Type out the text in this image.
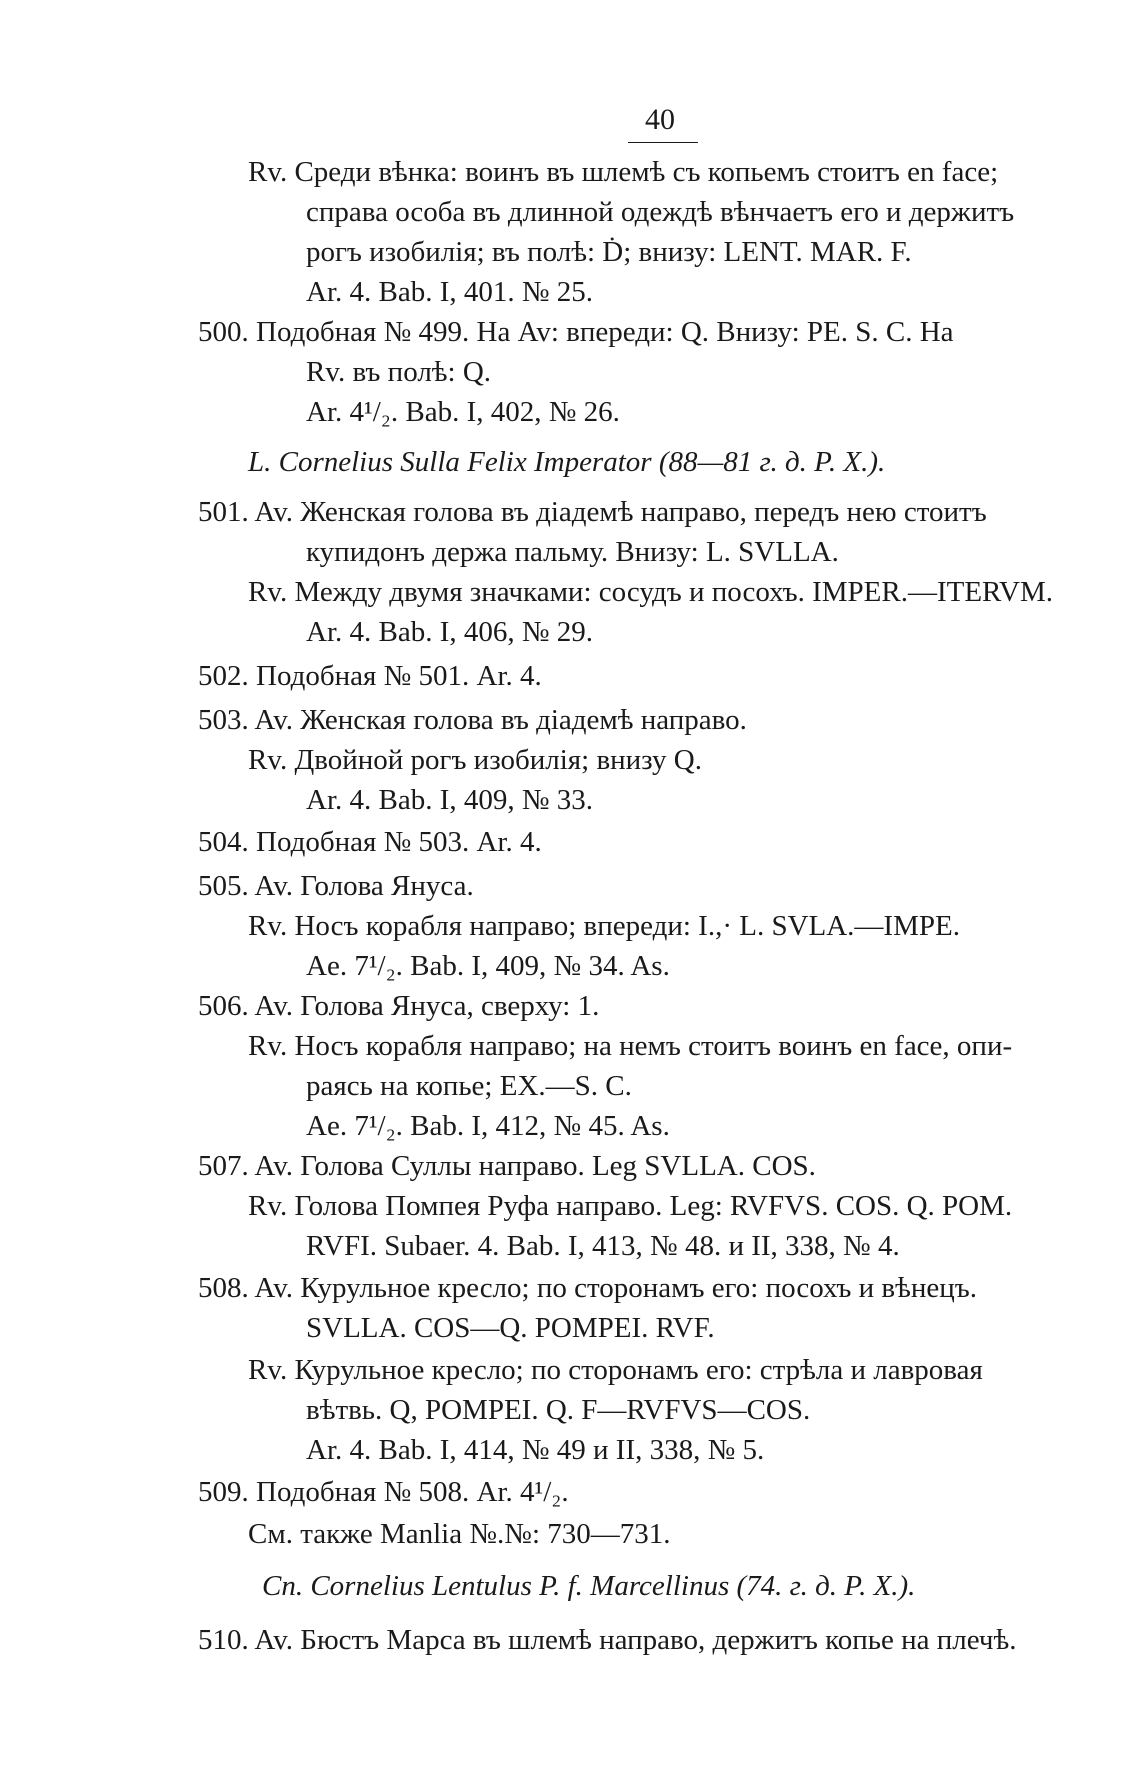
40
Rv. Среди вѣнка: воинъ въ шлемѣ съ копьемъ стоитъ en face;
справа особа въ длинной одеждѣ вѣнчаетъ его и держитъ
рогъ изобилія; въ полѣ: Ḋ; внизу: LENT. MAR. F.
Ar. 4. Bab. I, 401. № 25.
500. Подобная № 499. На Av: впереди: Q. Внизу: PE. S. C. На
Rv. въ полѣ: Q.
Ar. 4¹/₂. Bab. I, 402, № 26.
L. Cornelius Sulla Felix Imperator (88—81 г. д. Р. Х.).
501. Av. Женская голова въ діадемѣ направо, передъ нею стоитъ
купидонъ держа пальму. Внизу: L. SVLLA.
Rv. Между двумя значками: сосудъ и посохъ. IMPER.—ITERVM.
Ar. 4. Bab. I, 406, № 29.
502. Подобная № 501. Ar. 4.
503. Av. Женская голова въ діадемѣ направо.
Rv. Двойной рогъ изобилія; внизу Q.
Ar. 4. Bab. I, 409, № 33.
504. Подобная № 503. Ar. 4.
505. Av. Голова Януса.
Rv. Носъ корабля направо; впереди: I.,· L. SVLA.—IMPE.
Ae. 7¹/₂. Bab. I, 409, № 34. As.
506. Av. Голова Януса, сверху: 1.
Rv. Носъ корабля направо; на немъ стоитъ воинъ en face, опи-
раясь на копье; EX.—S. C.
Ae. 7¹/₂. Bab. I, 412, № 45. As.
507. Av. Голова Суллы направо. Leg SVLLA. COS.
Rv. Голова Помпея Руфа направо. Leg: RVFVS. COS. Q. POM.
RVFI. Subaer. 4. Bab. I, 413, № 48. и II, 338, № 4.
508. Av. Курульное кресло; по сторонамъ его: посохъ и вѣнецъ.
SVLLA. COS—Q. POMPEI. RVF.
Rv. Курульное кресло; по сторонамъ его: стрѣла и лавровая
вѣтвь. Q, POMPEI. Q. F—RVFVS—COS.
Ar. 4. Bab. I, 414, № 49 и II, 338, № 5.
509. Подобная № 508. Ar. 4¹/₂.
См. также Manlia №.№: 730—731.
Cn. Cornelius Lentulus P. f. Marcellinus (74. г. д. Р. Х.).
510. Av. Бюстъ Марса въ шлемѣ направо, держитъ копье на плечѣ.
